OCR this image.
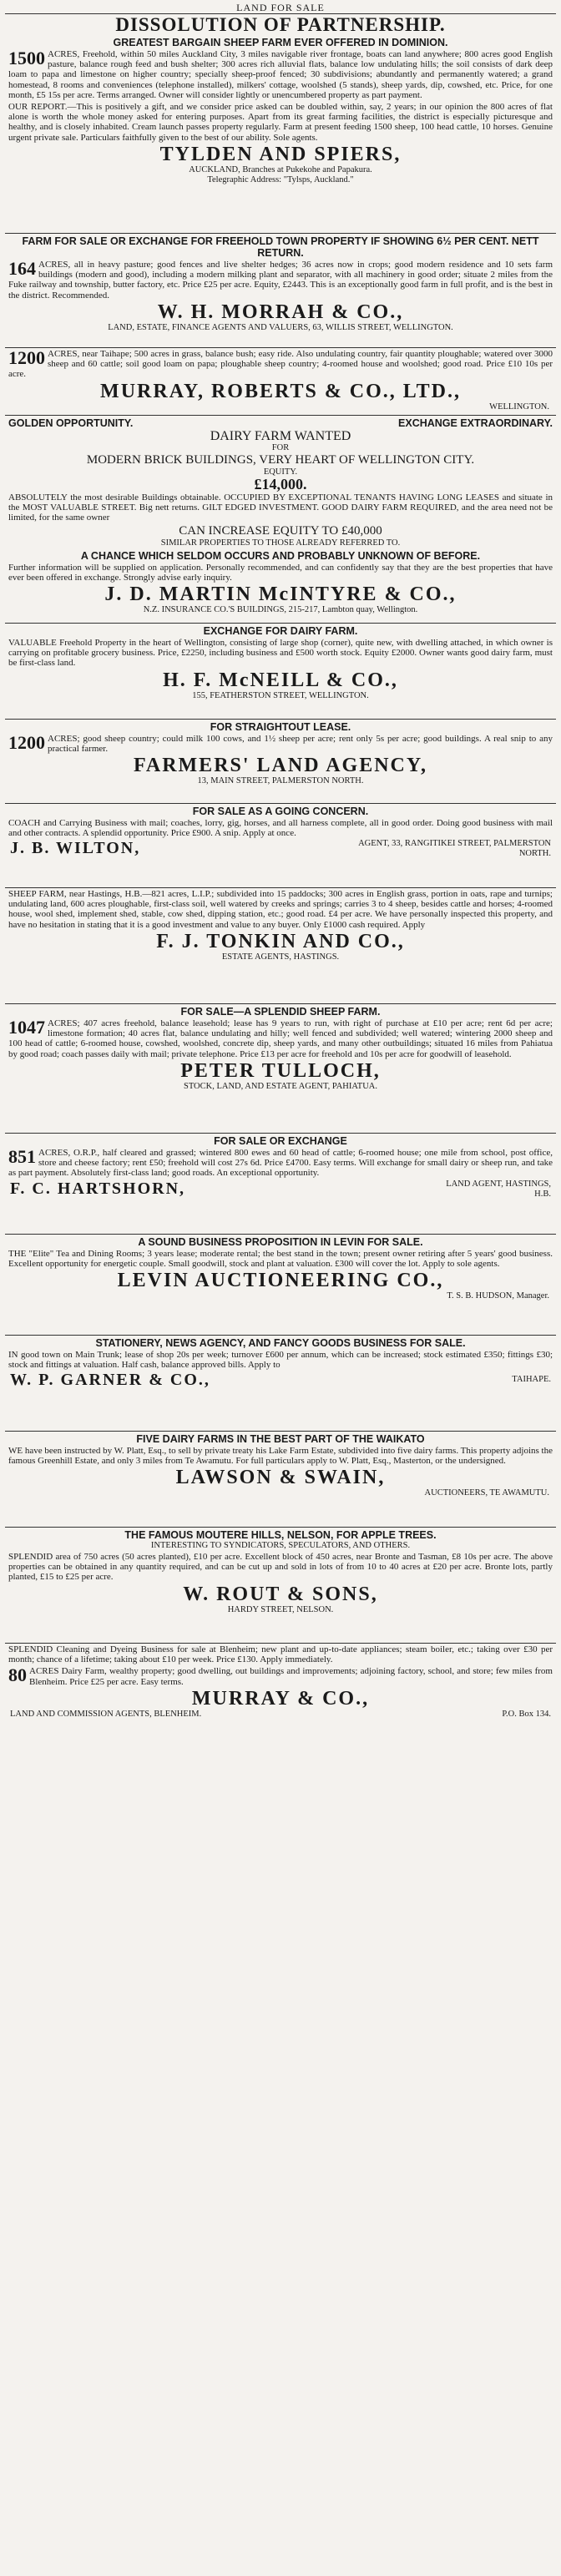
LAND FOR SALE
DISSOLUTION OF PARTNERSHIP.
GREATEST BARGAIN SHEEP FARM EVER OFFERED IN DOMINION.
1500 ACRES, Freehold, within 50 miles Auckland City, 3 miles navigable river frontage, boats can land anywhere; 800 acres good English pasture, balance rough feed and bush shelter; 300 acres rich alluvial flats, balance low undulating hills; the soil consists of dark deep loam to papa and limestone on higher country; specially sheep-proof fenced; 30 subdivisions; abundantly and permanently watered; a grand homestead, 8 rooms and conveniences (telephone installed), milkers' cottage, woolshed (5 stands), sheep yards, dip, cowshed, etc. Price, for one month, £5 15s per acre. Terms arranged. Owner will consider lightly or unencumbered property as part payment.
OUR REPORT.—This is positively a gift, and we consider price asked can be doubled within, say, 2 years; in our opinion the 800 acres of flat alone is worth the whole money asked for entering purposes. Apart from its great farming facilities, the district is especially picturesque and healthy, and is closely inhabited. Cream launch passes property regularly. Farm at present feeding 1500 sheep, 100 head cattle, 10 horses. Genuine urgent private sale. Particulars faithfully given to the best of our ability. Sole agents.
TYLDEN AND SPIERS,
AUCKLAND, Branches at Pukekohe and Papakura.
Telegraphic Address: "Tylsps, Auckland."
FARM FOR SALE OR EXCHANGE FOR FREEHOLD TOWN PROPERTY IF SHOWING 6½ PER CENT. NETT RETURN.
164 ACRES, all in heavy pasture; good fences and live shelter hedges; 36 acres now in crops; good modern residence and 10 sets farm buildings (modern and good), including a modern milking plant and separator, with all machinery in good order; situate 2 miles from the Fuke railway and township, butter factory, etc. Price £25 per acre. Equity, £2443. This is an exceptionally good farm in full profit, and is the best in the district. Recommended.
W. H. MORRAH & CO.,
LAND, ESTATE, FINANCE AGENTS AND VALUERS, 63, WILLIS STREET, WELLINGTON.
1200 ACRES, near Taihape; 500 acres in grass, balance bush; easy ride. Also undulating country, fair quantity ploughable; watered over 3000 sheep and 60 cattle; soil good loam on papa; ploughable sheep country; 4-roomed house and woolshed; good road. Price £10 10s per acre.
MURRAY, ROBERTS & CO., LTD.,
WELLINGTON.
GOLDEN OPPORTUNITY.	EXCHANGE EXTRAORDINARY.
DAIRY FARM WANTED
FOR
MODERN BRICK BUILDINGS, VERY HEART OF WELLINGTON CITY.
EQUITY.
£14,000.
ABSOLUTELY the most desirable Buildings obtainable. OCCUPIED BY EXCEPTIONAL TENANTS HAVING LONG LEASES and situate in the MOST VALUABLE STREET. Big nett returns. GILT EDGED INVESTMENT. GOOD DAIRY FARM REQUIRED, and the area need not be limited, for the same owner
CAN INCREASE EQUITY TO £40,000
SIMILAR PROPERTIES TO THOSE ALREADY REFERRED TO.
A CHANCE WHICH SELDOM OCCURS AND PROBABLY UNKNOWN OF BEFORE.
Further information will be supplied on application. Personally recommended, and can confidently say that they are the best properties that have ever been offered in exchange. Strongly advise early inquiry.
J. D. MARTIN McINTYRE & CO.,
N.Z. INSURANCE CO.'S BUILDINGS, 215-217, Lambton quay, Wellington.
EXCHANGE FOR DAIRY FARM.
VALUABLE Freehold Property in the heart of Wellington, consisting of large shop (corner), quite new, with dwelling attached, in which owner is carrying on profitable grocery business. Price, £2250, including business and £500 worth stock. Equity £2000. Owner wants good dairy farm, must be first-class land.
H. F. McNEILL & CO.,
155, FEATHERSTON STREET, WELLINGTON.
FOR STRAIGHTOUT LEASE.
1200 ACRES; good sheep country; could milk 100 cows, and 1½ sheep per acre; rent only 5s per acre; good buildings. A real snip to any practical farmer.
FARMERS' LAND AGENCY,
13, MAIN STREET, PALMERSTON NORTH.
FOR SALE AS A GOING CONCERN.
COACH and Carrying Business with mail; coaches, lorry, gig, horses, and all harness complete, all in good order. Doing good business with mail and other contracts. A splendid opportunity. Price £900. A snip. Apply at once.
J. B. WILTON,	AGENT, 33, RANGITIKEI STREET, PALMERSTON NORTH.
SHEEP FARM, near Hastings, H.B.—821 acres, L.I.P.; subdivided into 15 paddocks; 300 acres in English grass, portion in oats, rape and turnips; undulating land, 600 acres ploughable, first-class soil, well watered by creeks and springs; carries 3 to 4 sheep, besides cattle and horses; 4-roomed house, wool shed, implement shed, stable, cow shed, dipping station, etc.; good road. £4 per acre. We have personally inspected this property, and have no hesitation in stating that it is a good investment and value to any buyer. Only £1000 cash required. Apply
F. J. TONKIN AND CO.,
ESTATE AGENTS, HASTINGS.
FOR SALE—A SPLENDID SHEEP FARM.
1047 ACRES; 407 acres freehold, balance leasehold; lease has 9 years to run, with right of purchase at £10 per acre; rent 6d per acre; limestone formation; 40 acres flat, balance undulating and hilly; well fenced and subdivided; well watered; wintering 2000 sheep and 100 head of cattle; 6-roomed house, cowshed, woolshed, concrete dip, sheep yards, and many other outbuildings; situated 16 miles from Pahiatua by good road; coach passes daily with mail; private telephone. Price £13 per acre for freehold and 10s per acre for goodwill of leasehold.
PETER TULLOCH,
STOCK, LAND, AND ESTATE AGENT, PAHIATUA.
FOR SALE OR EXCHANGE
851 ACRES, O.R.P., half cleared and grassed; wintered 800 ewes and 60 head of cattle; 6-roomed house; one mile from school, post office, store and cheese factory; rent £50; freehold will cost 27s 6d. Price £4700. Easy terms. Will exchange for small dairy or sheep run, and take as part payment. Absolutely first-class land; good roads. An exceptional opportunity.
F. C. HARTSHORN,	LAND AGENT, HASTINGS, H.B.
A SOUND BUSINESS PROPOSITION IN LEVIN FOR SALE.
THE "Elite" Tea and Dining Rooms; 3 years lease; moderate rental; the best stand in the town; present owner retiring after 5 years' good business. Excellent opportunity for energetic couple. Small goodwill, stock and plant at valuation. £300 will cover the lot. Apply to sole agents.
LEVIN AUCTIONEERING CO.,
T. S. B. HUDSON, Manager.
STATIONERY, NEWS AGENCY, AND FANCY GOODS BUSINESS FOR SALE.
IN good town on Main Trunk; lease of shop 20s per week; turnover £600 per annum, which can be increased; stock estimated £350; fittings £30; stock and fittings at valuation. Half cash, balance approved bills. Apply to
W. P. GARNER & CO.,	TAIHAPE.
FIVE DAIRY FARMS IN THE BEST PART OF THE WAIKATO
WE have been instructed by W. Platt, Esq., to sell by private treaty his Lake Farm Estate, subdivided into five dairy farms. This property adjoins the famous Greenhill Estate, and only 3 miles from Te Awamutu. For full particulars apply to W. Platt, Esq., Masterton, or the undersigned.
LAWSON & SWAIN,
AUCTIONEERS, TE AWAMUTU.
THE FAMOUS MOUTERE HILLS, NELSON, FOR APPLE TREES.
INTERESTING TO SYNDICATORS, SPECULATORS, AND OTHERS.
SPLENDID area of 750 acres (50 acres planted), £10 per acre. Excellent block of 450 acres, near Bronte and Tasman, £8 10s per acre. The above properties can be obtained in any quantity required, and can be cut up and sold in lots of from 10 to 40 acres at £20 per acre. Bronte lots, partly planted, £15 to £25 per acre.
W. ROUT & SONS,
HARDY STREET, NELSON.
SPLENDID Cleaning and Dyeing Business for sale at Blenheim; new plant and up-to-date appliances; steam boiler, etc.; taking over £30 per month; chance of a lifetime; taking about £10 per week. Price £130. Apply immediately.
80 ACRES Dairy Farm, wealthy property; good dwelling, out buildings and improvements; adjoining factory, school, and store; few miles from Blenheim. Price £25 per acre. Easy terms.
MURRAY & CO.,
LAND AND COMMISSION AGENTS, BLENHEIM.	P.O. Box 134.
